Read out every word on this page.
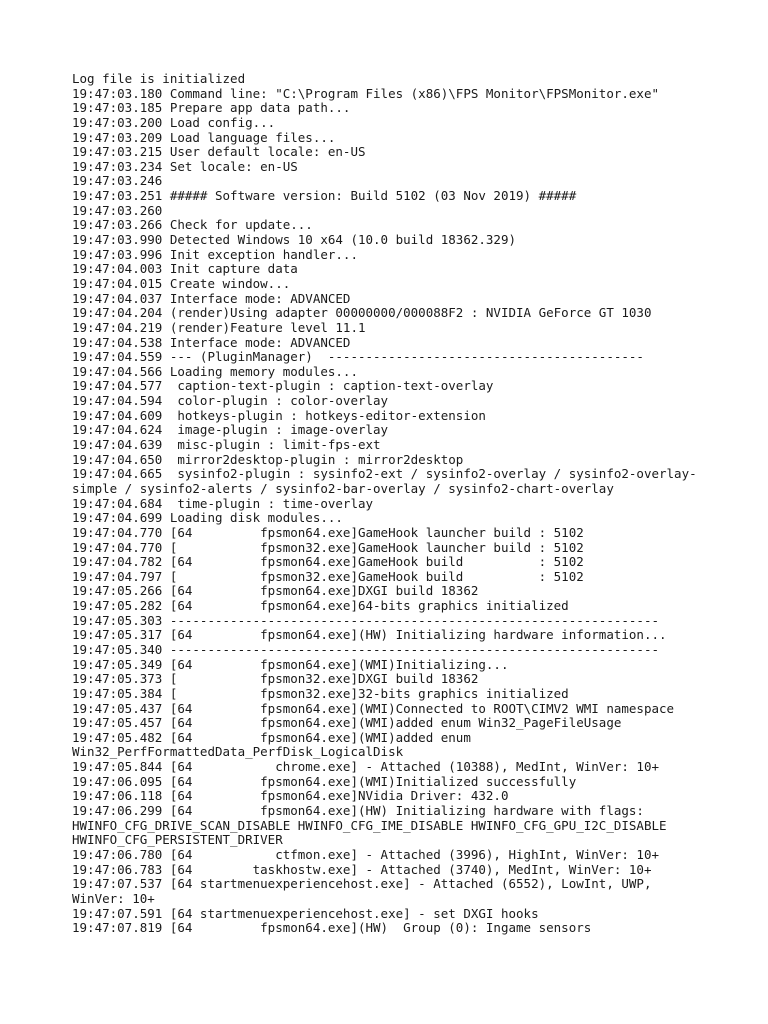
Log file is initialized
19:47:03.180 Command line: "C:\Program Files (x86)\FPS Monitor\FPSMonitor.exe"
19:47:03.185 Prepare app data path...
19:47:03.200 Load config...
19:47:03.209 Load language files...
19:47:03.215 User default locale: en-US
19:47:03.234 Set locale: en-US
19:47:03.246
19:47:03.251 ##### Software version: Build 5102 (03 Nov 2019) #####
19:47:03.260
19:47:03.266 Check for update...
19:47:03.990 Detected Windows 10 x64 (10.0 build 18362.329)
19:47:03.996 Init exception handler...
19:47:04.003 Init capture data
19:47:04.015 Create window...
19:47:04.037 Interface mode: ADVANCED
19:47:04.204 (render)Using adapter 00000000/000088F2 : NVIDIA GeForce GT 1030
19:47:04.219 (render)Feature level 11.1
19:47:04.538 Interface mode: ADVANCED
19:47:04.559 --- (PluginManager)  ------------------------------------------
19:47:04.566 Loading memory modules...
19:47:04.577  caption-text-plugin : caption-text-overlay
19:47:04.594  color-plugin : color-overlay
19:47:04.609  hotkeys-plugin : hotkeys-editor-extension
19:47:04.624  image-plugin : image-overlay
19:47:04.639  misc-plugin : limit-fps-ext
19:47:04.650  mirror2desktop-plugin : mirror2desktop
19:47:04.665  sysinfo2-plugin : sysinfo2-ext / sysinfo2-overlay / sysinfo2-overlay-
simple / sysinfo2-alerts / sysinfo2-bar-overlay / sysinfo2-chart-overlay
19:47:04.684  time-plugin : time-overlay
19:47:04.699 Loading disk modules...
19:47:04.770 [64         fpsmon64.exe]GameHook launcher build : 5102
19:47:04.770 [           fpsmon32.exe]GameHook launcher build : 5102
19:47:04.782 [64         fpsmon64.exe]GameHook build          : 5102
19:47:04.797 [           fpsmon32.exe]GameHook build          : 5102
19:47:05.266 [64         fpsmon64.exe]DXGI build 18362
19:47:05.282 [64         fpsmon64.exe]64-bits graphics initialized
19:47:05.303 -----------------------------------------------------------------
19:47:05.317 [64         fpsmon64.exe](HW) Initializing hardware information...
19:47:05.340 -----------------------------------------------------------------
19:47:05.349 [64         fpsmon64.exe](WMI)Initializing...
19:47:05.373 [           fpsmon32.exe]DXGI build 18362
19:47:05.384 [           fpsmon32.exe]32-bits graphics initialized
19:47:05.437 [64         fpsmon64.exe](WMI)Connected to ROOT\CIMV2 WMI namespace
19:47:05.457 [64         fpsmon64.exe](WMI)added enum Win32_PageFileUsage
19:47:05.482 [64         fpsmon64.exe](WMI)added enum
Win32_PerfFormattedData_PerfDisk_LogicalDisk
19:47:05.844 [64           chrome.exe] - Attached (10388), MedInt, WinVer: 10+
19:47:06.095 [64         fpsmon64.exe](WMI)Initialized successfully
19:47:06.118 [64         fpsmon64.exe]NVidia Driver: 432.0
19:47:06.299 [64         fpsmon64.exe](HW) Initializing hardware with flags:
HWINFO_CFG_DRIVE_SCAN_DISABLE HWINFO_CFG_IME_DISABLE HWINFO_CFG_GPU_I2C_DISABLE
HWINFO_CFG_PERSISTENT_DRIVER
19:47:06.780 [64           ctfmon.exe] - Attached (3996), HighInt, WinVer: 10+
19:47:06.783 [64        taskhostw.exe] - Attached (3740), MedInt, WinVer: 10+
19:47:07.537 [64 startmenuexperiencehost.exe] - Attached (6552), LowInt, UWP,
WinVer: 10+
19:47:07.591 [64 startmenuexperiencehost.exe] - set DXGI hooks
19:47:07.819 [64         fpsmon64.exe](HW)  Group (0): Ingame sensors
